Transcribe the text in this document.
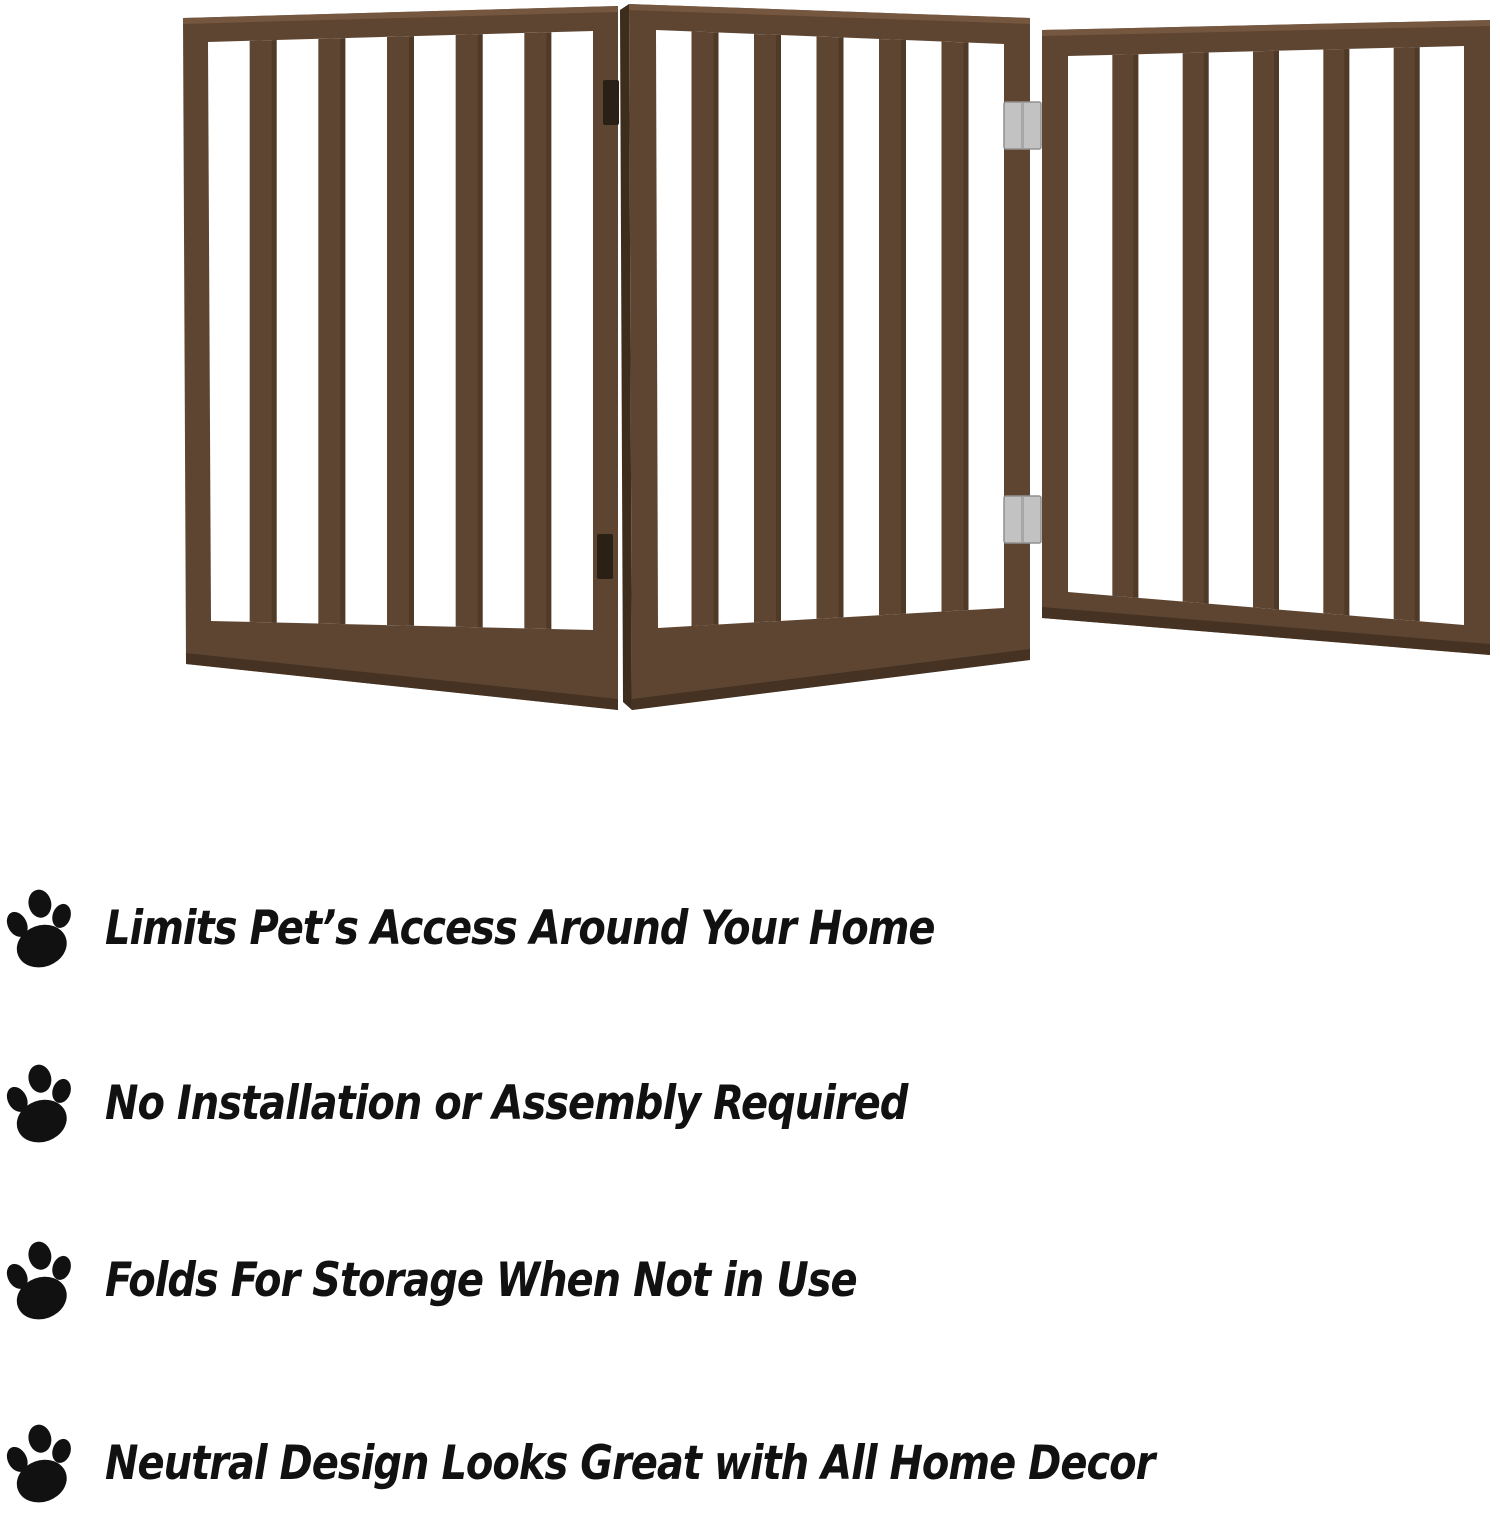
Limits Pet’s Access Around Your Home
No Installation or Assembly Required
Folds For Storage When Not in Use
Neutral Design Looks Great with All Home Decor
